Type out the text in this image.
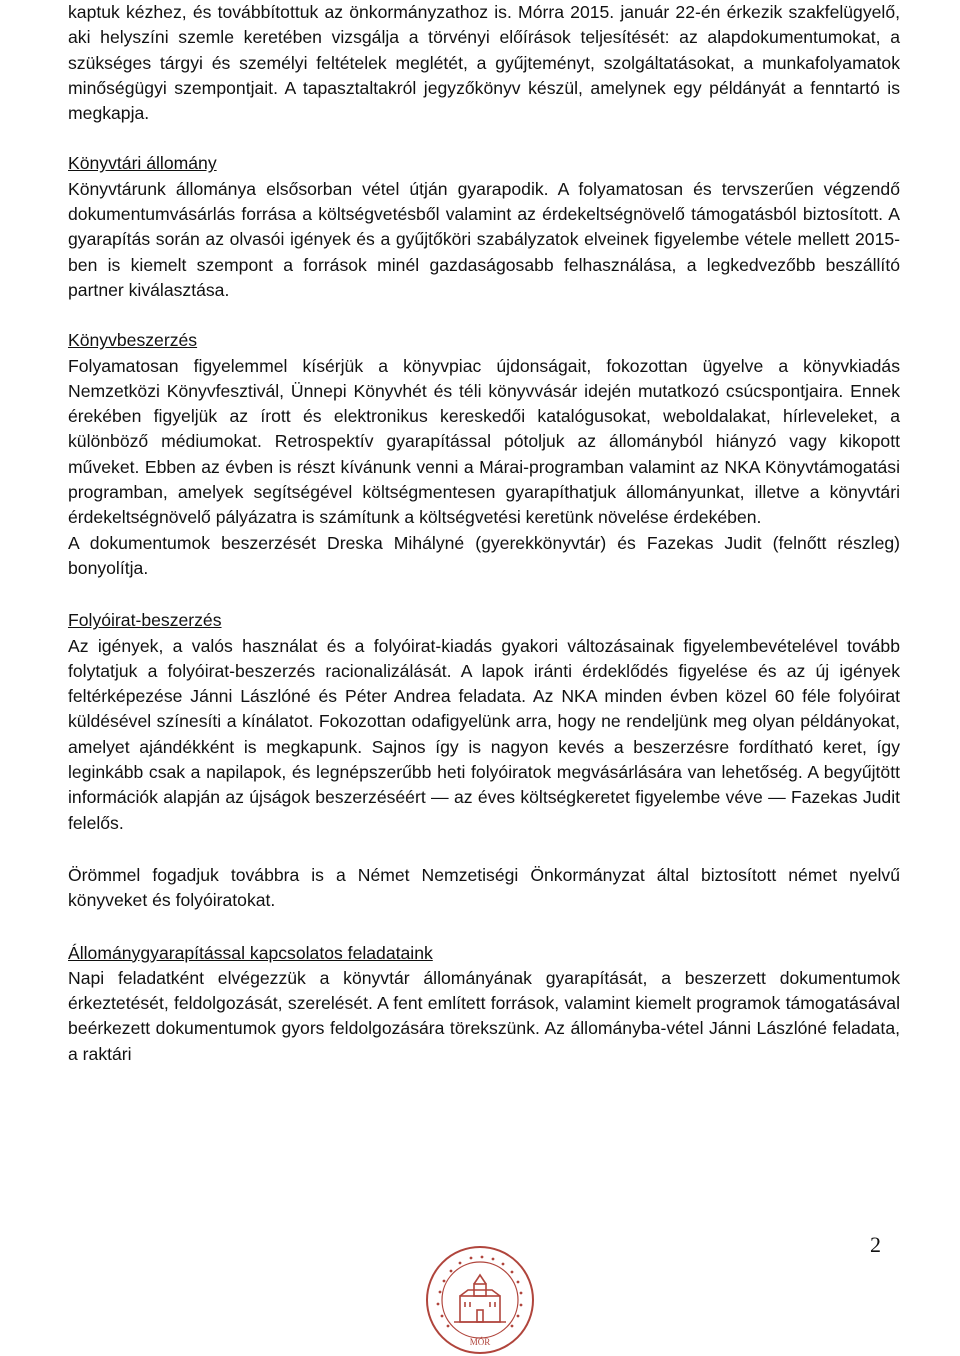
kaptuk kézhez, és továbbítottuk az önkormányzathoz is. Mórra 2015. január 22-én érkezik szakfelügyelő, aki helyszíni szemle keretében vizsgálja a törvényi előírások teljesítését: az alapdokumentumokat, a szükséges tárgyi és személyi feltételek meglétét, a gyűjteményt, szolgáltatásokat, a munkafolyamatok minőségügyi szempontjait. A tapasztaltakról jegyzőkönyv készül, amelynek egy példányát a fenntartó is megkapja.

Könyvtári állomány

Könyvtárunk állománya elsősorban vétel útján gyarapodik. A folyamatosan és tervszerűen végzendő dokumentumvásárlás forrása a költségvetésből valamint az érdekeltségnövelő támogatásból biztosított. A gyarapítás során az olvasói igények és a gyűjtőköri szabályzatok elveinek figyelembe vétele mellett 2015-ben is kiemelt szempont a források minél gazdaságosabb felhasználása, a legkedvezőbb beszállító partner kiválasztása.

Könyvbeszerzés

Folyamatosan figyelemmel kísérjük a könyvpiac újdonságait, fokozottan ügyelve a könyvkiadás Nemzetközi Könyvfesztivál, Ünnepi Könyvhét és téli könyvvásár idején mutatkozó csúcspontjaira. Ennek érekében figyeljük az írott és elektronikus kereskedői katalógusokat, weboldalakat, hírleveleket, a különböző médiumokat. Retrospektív gyarapítással pótoljuk az állományból hiányzó vagy kikopott műveket. Ebben az évben is részt kívánunk venni a Márai-programban valamint az NKA Könyvtámogatási programban, amelyek segítségével költségmentesen gyarapíthatjuk állományunkat, illetve a könyvtári érdekeltségnövelő pályázatra is számítunk a költségvetési keretünk növelése érdekében.

A dokumentumok beszerzését Dreska Mihályné (gyerekkönyvtár) és Fazekas Judit (felnőtt részleg) bonyolítja.

Folyóirat-beszerzés

Az igények, a valós használat és a folyóirat-kiadás gyakori változásainak figyelembevételével tovább folytatjuk a folyóirat-beszerzés racionalizálását. A lapok iránti érdeklődés figyelése és az új igények feltérképezése Jánni Lászlóné és Péter Andrea feladata. Az NKA minden évben közel 60 féle folyóirat küldésével színesíti a kínálatot. Fokozottan odafigyelünk arra, hogy ne rendeljünk meg olyan példányokat, amelyet ajándékként is megkapunk. Sajnos így is nagyon kevés a beszerzésre fordítható keret, így leginkább csak a napilapok, és legnépszerűbb heti folyóiratok megvásárlására van lehetőség. A begyűjtött információk alapján az újságok beszerzéséért — az éves költségkeretet figyelembe véve — Fazekas Judit felelős.

Örömmel fogadjuk továbbra is a Német Nemzetiségi Önkormányzat által biztosított német nyelvű könyveket és folyóiratokat.

Állománygyarapítással kapcsolatos feladataink

Napi feladatként elvégezzük a könyvtár állományának gyarapítását, a beszerzett dokumentumok érkeztetését, feldolgozását, szerelését. A fent említett források, valamint kiemelt programok támogatásával beérkezett dokumentumok gyors feldolgozására törekszünk. Az állományba-vétel Jánni Lászlóné feladata, a raktári

2
MÓR
